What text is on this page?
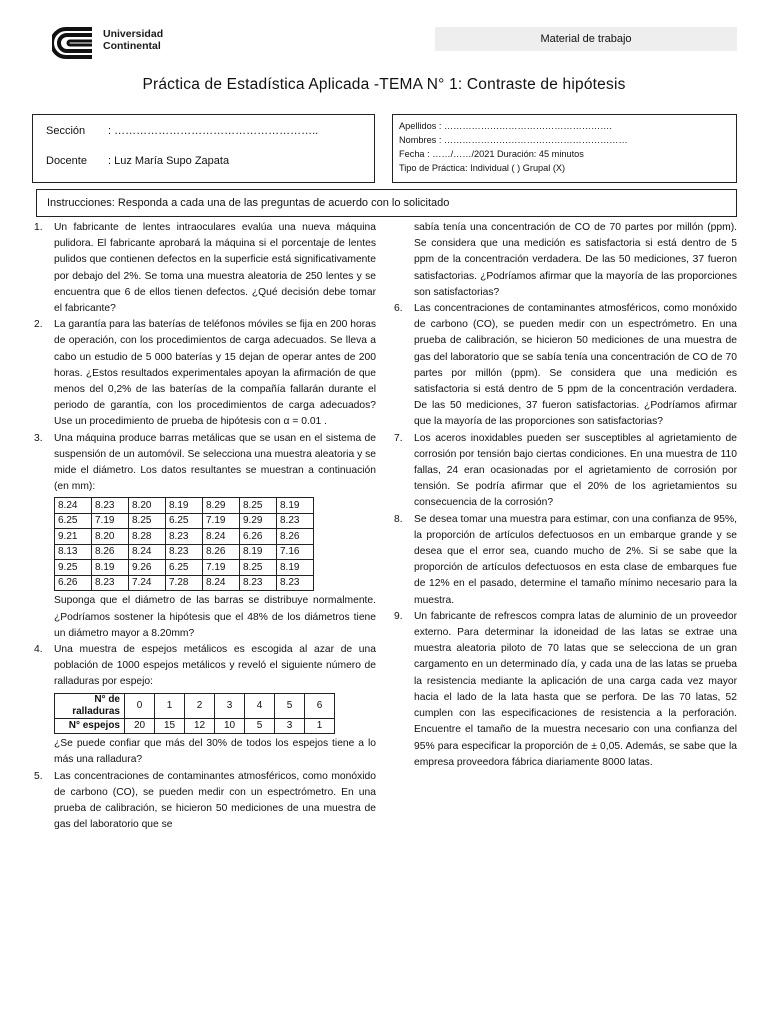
Universidad
Continental
Material de trabajo
Práctica de Estadística Aplicada -TEMA N° 1: Contraste de hipótesis
Sección : ………………………………………………..
Docente : Luz María Supo Zapata
Apellidos : ……………………………………………….
Nombres : ……………………………………………………
Fecha : ……/……/2021 Duración: 45 minutos
Tipo de Práctica: Individual ( ) Grupal (X)
Instrucciones: Responda a cada una de las preguntas de acuerdo con lo solicitado
1. Un fabricante de lentes intraoculares evalúa una nueva máquina pulidora. El fabricante aprobará la máquina si el porcentaje de lentes pulidos que contienen defectos en la superficie está significativamente por debajo del 2%. Se toma una muestra aleatoria de 250 lentes y se encuentra que 6 de ellos tienen defectos. ¿Qué decisión debe tomar el fabricante?
2. La garantía para las baterías de teléfonos móviles se fija en 200 horas de operación, con los procedimientos de carga adecuados. Se lleva a cabo un estudio de 5 000 baterías y 15 dejan de operar antes de 200 horas. ¿Estos resultados experimentales apoyan la afirmación de que menos del 0,2% de las baterías de la compañía fallarán durante el periodo de garantía, con los procedimientos de carga adecuados? Use un procedimiento de prueba de hipótesis con α = 0.01 .
3. Una máquina produce barras metálicas que se usan en el sistema de suspensión de un automóvil. Se selecciona una muestra aleatoria y se mide el diámetro. Los datos resultantes se muestran a continuación (en mm):
8.24	8.23	8.20	8.19	8.29	8.25	8.19
6.25	7.19	8.25	6.25	7.19	9.29	8.23
9.21	8.20	8.28	8.23	8.24	6.26	8.26
8.13	8.26	8.24	8.23	8.26	8.19	7.16
9.25	8.19	9.26	6.25	7.19	8.25	8.19
6.26	8.23	7.24	7.28	8.24	8.23	8.23
Suponga que el diámetro de las barras se distribuye normalmente. ¿Podríamos sostener la hipótesis que el 48% de los diámetros tiene un diámetro mayor a 8.20mm?
4. Una muestra de espejos metálicos es escogida al azar de una población de 1000 espejos metálicos y reveló el siguiente número de ralladuras por espejo:
N° de ralladuras	0	1	2	3	4	5	6
N° espejos	20	15	12	10	5	3	1
¿Se puede confiar que más del 30% de todos los espejos tiene a lo más una ralladura?
5. Las concentraciones de contaminantes atmosféricos, como monóxido de carbono (CO), se pueden medir con un espectrómetro. En una prueba de calibración, se hicieron 50 mediciones de una muestra de gas del laboratorio que se
sabía tenía una concentración de CO de 70 partes por millón (ppm). Se considera que una medición es satisfactoria si está dentro de 5 ppm de la concentración verdadera. De las 50 mediciones, 37 fueron satisfactorias. ¿Podríamos afirmar que la mayoría de las proporciones son satisfactorias?
6. Las concentraciones de contaminantes atmosféricos, como monóxido de carbono (CO), se pueden medir con un espectrómetro. En una prueba de calibración, se hicieron 50 mediciones de una muestra de gas del laboratorio que se sabía tenía una concentración de CO de 70 partes por millón (ppm). Se considera que una medición es satisfactoria si está dentro de 5 ppm de la concentración verdadera. De las 50 mediciones, 37 fueron satisfactorias. ¿Podríamos afirmar que la mayoría de las proporciones son satisfactorias?
7. Los aceros inoxidables pueden ser susceptibles al agrietamiento de corrosión por tensión bajo ciertas condiciones. En una muestra de 110 fallas, 24 eran ocasionadas por el agrietamiento de corrosión por tensión. Se podría afirmar que el 20% de los agrietamientos su consecuencia de la corrosión?
8. Se desea tomar una muestra para estimar, con una confianza de 95%, la proporción de artículos defectuosos en un embarque grande y se desea que el error sea, cuando mucho de 2%. Si se sabe que la proporción de artículos defectuosos en esta clase de embarques fue de 12% en el pasado, determine el tamaño mínimo necesario para la muestra.
9. Un fabricante de refrescos compra latas de aluminio de un proveedor externo. Para determinar la idoneidad de las latas se extrae una muestra aleatoria piloto de 70 latas que se selecciona de un gran cargamento en un determinado día, y cada una de las latas se prueba la resistencia mediante la aplicación de una carga cada vez mayor hacia el lado de la lata hasta que se perfora. De las 70 latas, 52 cumplen con las especificaciones de resistencia a la perforación. Encuentre el tamaño de la muestra necesario con una confianza del 95% para especificar la proporción de ± 0,05. Además, se sabe que la empresa proveedora fábrica diariamente 8000 latas.
